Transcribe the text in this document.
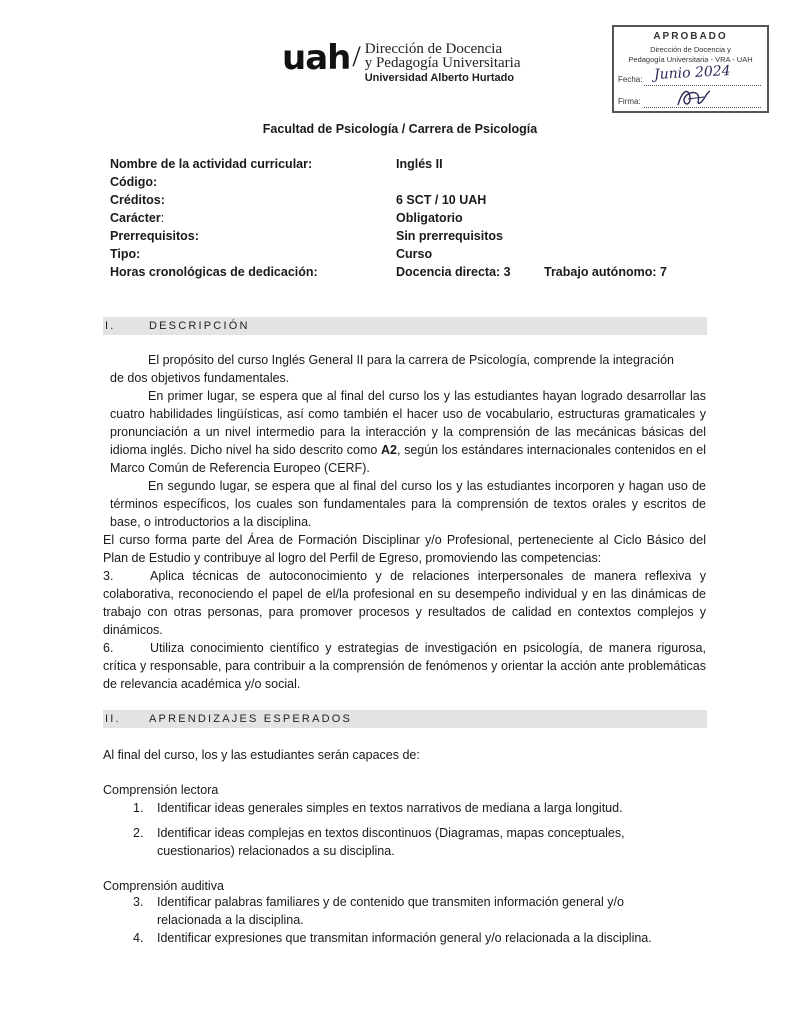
uah / Dirección de Docencia
y Pedagogía Universitaria
Universidad Alberto Hurtado
APROBADO
Dirección de Docencia y
Pedagogía Universitaria - VRA - UAH
Fecha: Junio 2024
Firma:
Facultad de Psicología / Carrera de Psicología
Nombre de la actividad curricular:	Inglés II
Código:
Créditos:	6 SCT / 10 UAH
Carácter:	Obligatorio
Prerrequisitos:	Sin prerrequisitos
Tipo:	Curso
Horas cronológicas de dedicación:	Docencia directa: 3	Trabajo autónomo: 7
I.	DESCRIPCIÓN
El propósito del curso Inglés General II para la carrera de Psicología, comprende la integración
de dos objetivos fundamentales.
En primer lugar, se espera que al final del curso los y las estudiantes hayan logrado desarrollar las cuatro habilidades lingüísticas, así como también el hacer uso de vocabulario, estructuras gramaticales y pronunciación a un nivel intermedio para la interacción y la comprensión de las mecánicas básicas del idioma inglés. Dicho nivel ha sido descrito como A2, según los estándares internacionales contenidos en el Marco Común de Referencia Europeo (CERF).
En segundo lugar, se espera que al final del curso los y las estudiantes incorporen y hagan uso de términos específicos, los cuales son fundamentales para la comprensión de textos orales y escritos de base, o introductorios a la disciplina.
El curso forma parte del Área de Formación Disciplinar y/o Profesional, perteneciente al Ciclo Básico del Plan de Estudio y contribuye al logro del Perfil de Egreso, promoviendo las competencias:
3.	Aplica técnicas de autoconocimiento y de relaciones interpersonales de manera reflexiva y colaborativa, reconociendo el papel de el/la profesional en su desempeño individual y en las dinámicas de trabajo con otras personas, para promover procesos y resultados de calidad en contextos complejos y dinámicos.
6.	Utiliza conocimiento científico y estrategias de investigación en psicología, de manera rigurosa, crítica y responsable, para contribuir a la comprensión de fenómenos y orientar la acción ante problemáticas de relevancia académica y/o social.
II.	APRENDIZAJES ESPERADOS
Al final del curso, los y las estudiantes serán capaces de:
Comprensión lectora
1. Identificar ideas generales simples en textos narrativos de mediana a larga longitud.
2. Identificar ideas complejas en textos discontinuos (Diagramas, mapas conceptuales,
cuestionarios) relacionados a su disciplina.
Comprensión auditiva
3. Identificar palabras familiares y de contenido que transmiten información general y/o
relacionada a la disciplina.
4. Identificar expresiones que transmitan información general y/o relacionada a la disciplina.
